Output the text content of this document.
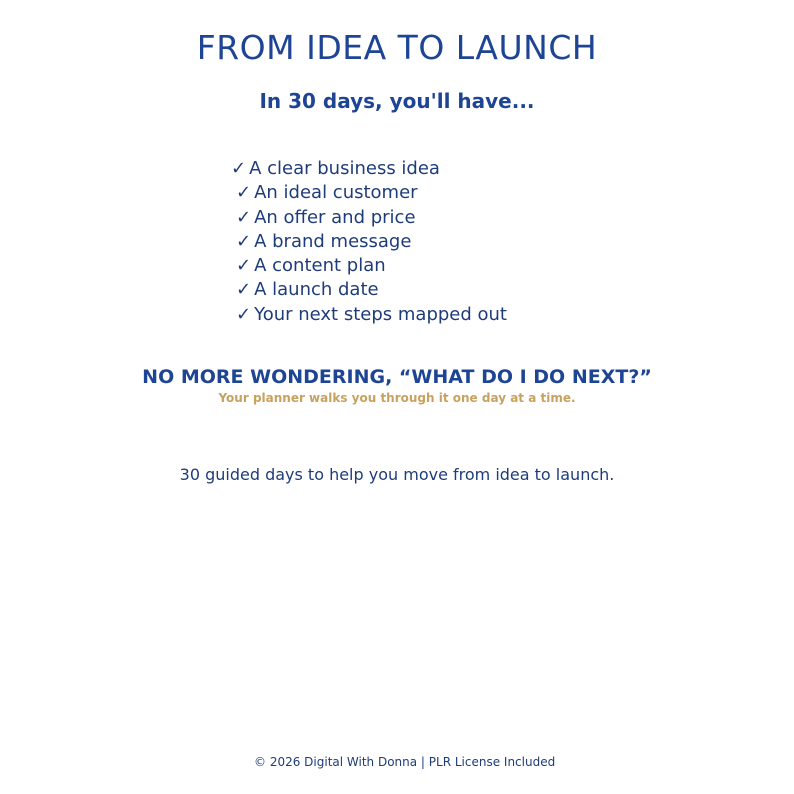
FROM IDEA TO LAUNCH
In 30 days, you'll have...
✓ A clear business idea
✓ An ideal customer
✓ An offer and price
✓ A brand message
✓ A content plan
✓ A launch date
✓ Your next steps mapped out
NO MORE WONDERING, “WHAT DO I DO NEXT?”
Your planner walks you through it one day at a time.
30 guided days to help you move from idea to launch.
© 2026 Digital With Donna | PLR License Included
